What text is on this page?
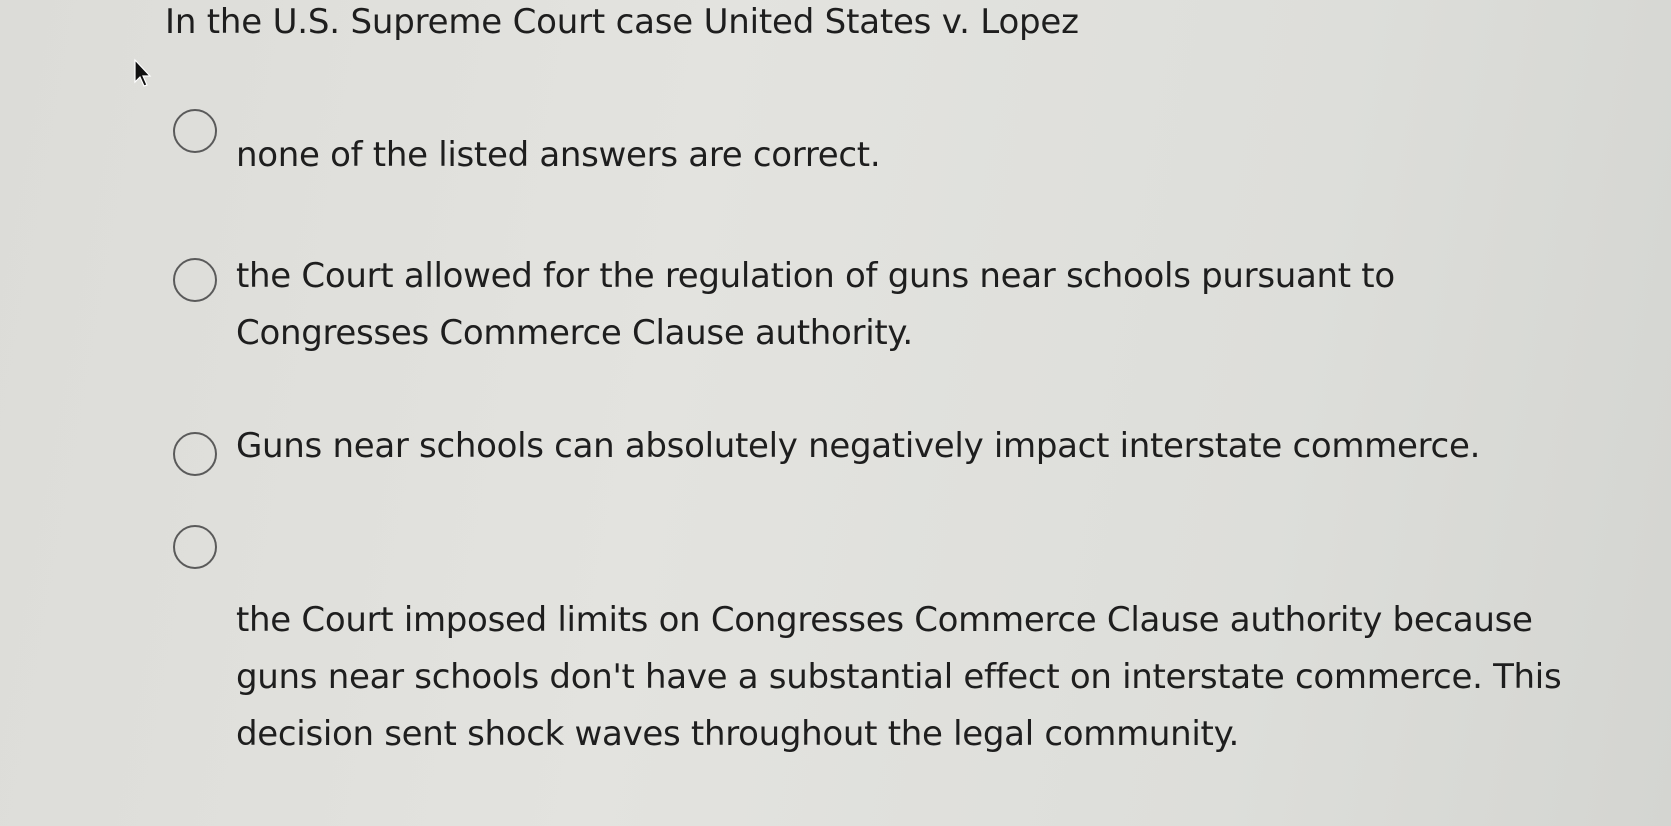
In the U.S. Supreme Court case United States v. Lopez
none of the listed answers are correct.
the Court allowed for the regulation of guns near schools pursuant to Congresses Commerce Clause authority.
Guns near schools can absolutely negatively impact interstate commerce.
the Court imposed limits on Congresses Commerce Clause authority because guns near schools don't have a substantial effect on interstate commerce. This decision sent shock waves throughout the legal community.
